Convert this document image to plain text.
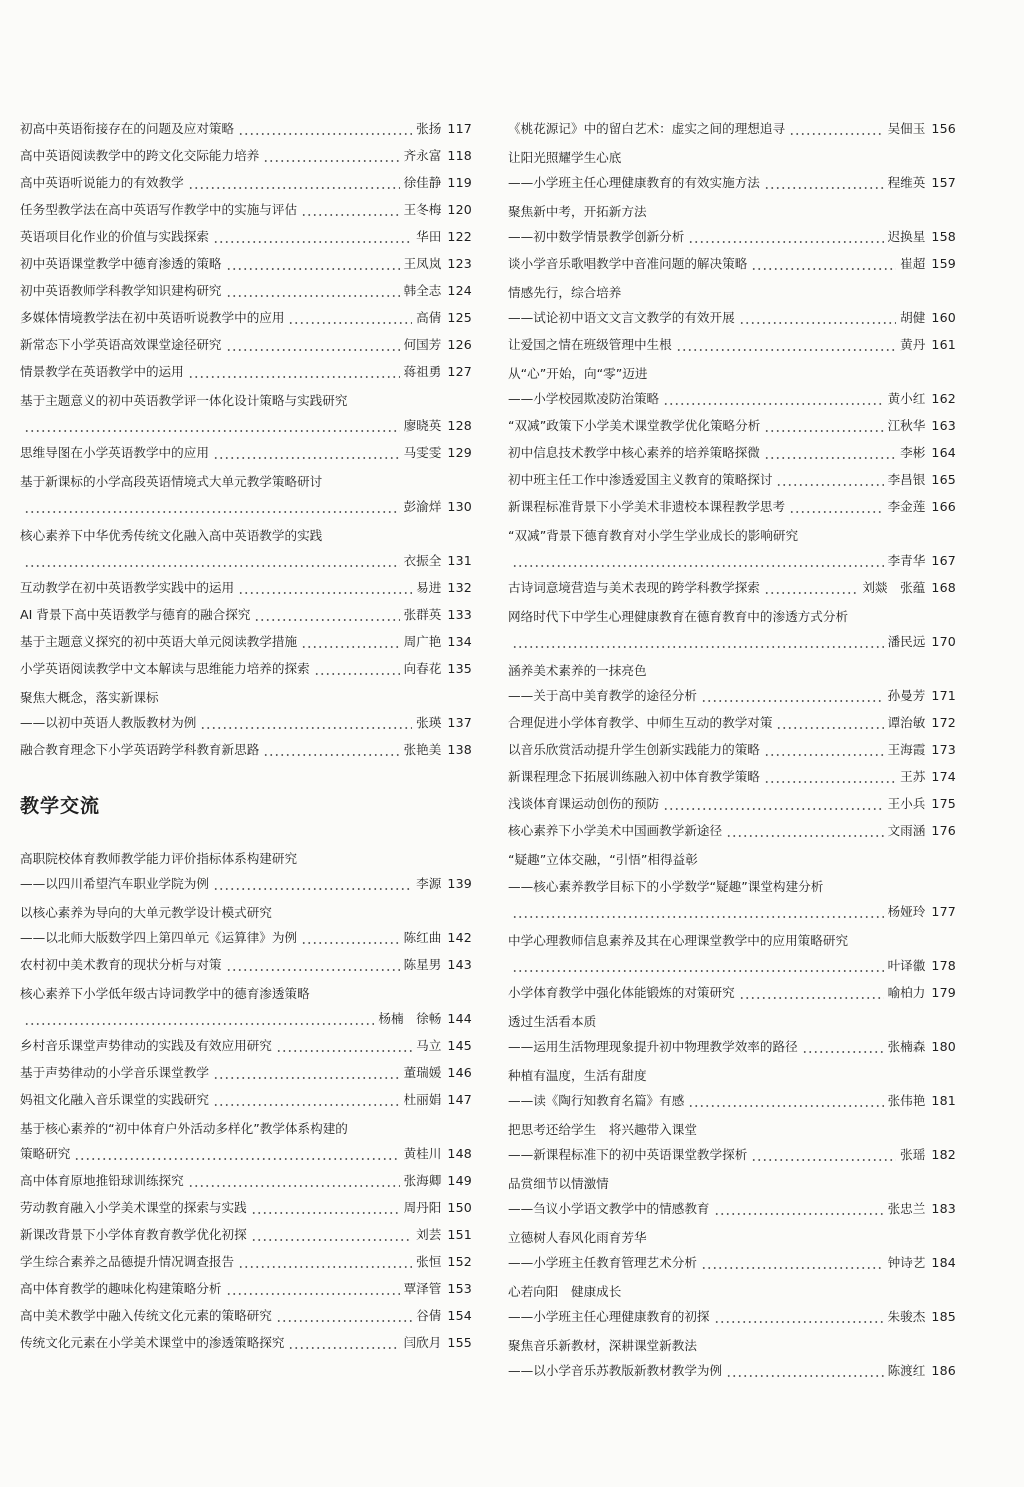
初高中英语衔接存在的问题及应对策略	张扬 117
高中英语阅读教学中的跨文化交际能力培养	齐永富 118
高中英语听说能力的有效教学	徐佳静 119
任务型教学法在高中英语写作教学中的实施与评估	王冬梅 120
英语项目化作业的价值与实践探索	华田 122
初中英语课堂教学中德育渗透的策略	王凤岚 123
初中英语教师学科教学知识建构研究	韩全志 124
多媒体情境教学法在初中英语听说教学中的应用	高倩 125
新常态下小学英语高效课堂途径研究	何国芳 126
情景教学在英语教学中的运用	蒋祖勇 127
基于主题意义的初中英语教学评一体化设计策略与实践研究
廖晓英 128
思维导图在小学英语教学中的应用	马雯雯 129
基于新课标的小学高段英语情境式大单元教学策略研讨
彭渝烊 130
核心素养下中华优秀传统文化融入高中英语教学的实践
衣振全 131
互动教学在初中英语教学实践中的运用	易进 132
AI 背景下高中英语教学与德育的融合探究	张群英 133
基于主题意义探究的初中英语大单元阅读教学措施	周广艳 134
小学英语阅读教学中文本解读与思维能力培养的探索	向春花 135
聚焦大概念，落实新课标
——以初中英语人教版教材为例	张瑛 137
融合教育理念下小学英语跨学科教育新思路	张艳美 138
教学交流
高职院校体育教师教学能力评价指标体系构建研究
——以四川希望汽车职业学院为例	李源 139
以核心素养为导向的大单元教学设计模式研究
——以北师大版数学四上第四单元《运算律》为例	陈红曲 142
农村初中美术教育的现状分析与对策	陈星男 143
核心素养下小学低年级古诗词教学中的德育渗透策略
杨楠　徐畅 144
乡村音乐课堂声势律动的实践及有效应用研究	马立 145
基于声势律动的小学音乐课堂教学	董瑞媛 146
妈祖文化融入音乐课堂的实践研究	杜丽娟 147
基于核心素养的“初中体育户外活动多样化”教学体系构建的
策略研究	黄桂川 148
高中体育原地推铅球训练探究	张海卿 149
劳动教育融入小学美术课堂的探索与实践	周丹阳 150
新课改背景下小学体育教育教学优化初探	刘芸 151
学生综合素养之品德提升情况调查报告	张恒 152
高中体育教学的趣味化构建策略分析	覃泽管 153
高中美术教学中融入传统文化元素的策略研究	谷倩 154
传统文化元素在小学美术课堂中的渗透策略探究	闫欣月 155
《桃花源记》中的留白艺术：虚实之间的理想追寻	吴佃玉 156
让阳光照耀学生心底
——小学班主任心理健康教育的有效实施方法	程维英 157
聚焦新中考，开拓新方法
——初中数学情景教学创新分析	迟换星 158
谈小学音乐歌唱教学中音准问题的解决策略	崔超 159
情感先行，综合培养
——试论初中语文文言文教学的有效开展	胡健 160
让爱国之情在班级管理中生根	黄丹 161
从“心”开始，向“零”迈进
——小学校园欺凌防治策略	黄小红 162
“双减”政策下小学美术课堂教学优化策略分析	江秋华 163
初中信息技术教学中核心素养的培养策略探微	李彬 164
初中班主任工作中渗透爱国主义教育的策略探讨	李昌银 165
新课程标准背景下小学美术非遗校本课程教学思考	李金莲 166
“双减”背景下德育教育对小学生学业成长的影响研究
李青华 167
古诗词意境营造与美术表现的跨学科教学探索	刘燚　张蕴 168
网络时代下中学生心理健康教育在德育教育中的渗透方式分析
潘民远 170
涵养美术素养的一抹亮色
——关于高中美育教学的途径分析	孙曼芳 171
合理促进小学体育教学、中师生互动的教学对策	谭治敏 172
以音乐欣赏活动提升学生创新实践能力的策略	王海霞 173
新课程理念下拓展训练融入初中体育教学策略	王苏 174
浅谈体育课运动创伤的预防	王小兵 175
核心素养下小学美术中国画教学新途径	文雨涵 176
“疑趣”立体交融，“引悟”相得益彰
——核心素养教学目标下的小学数学“疑趣”课堂构建分析
杨娅玲 177
中学心理教师信息素养及其在心理课堂教学中的应用策略研究
叶译徽 178
小学体育教学中强化体能锻炼的对策研究	喻柏力 179
透过生活看本质
——运用生活物理现象提升初中物理教学效率的路径	张楠森 180
种植有温度，生活有甜度
——读《陶行知教育名篇》有感	张伟艳 181
把思考还给学生　将兴趣带入课堂
——新课程标准下的初中英语课堂教学探析	张瑶 182
品赏细节以情激情
——刍议小学语文教学中的情感教育	张忠兰 183
立德树人春风化雨育芳华
——小学班主任教育管理艺术分析	钟诗艺 184
心若向阳　健康成长
——小学班主任心理健康教育的初探	朱骏杰 185
聚焦音乐新教材，深耕课堂新教法
——以小学音乐苏教版新教材教学为例	陈渡红 186
